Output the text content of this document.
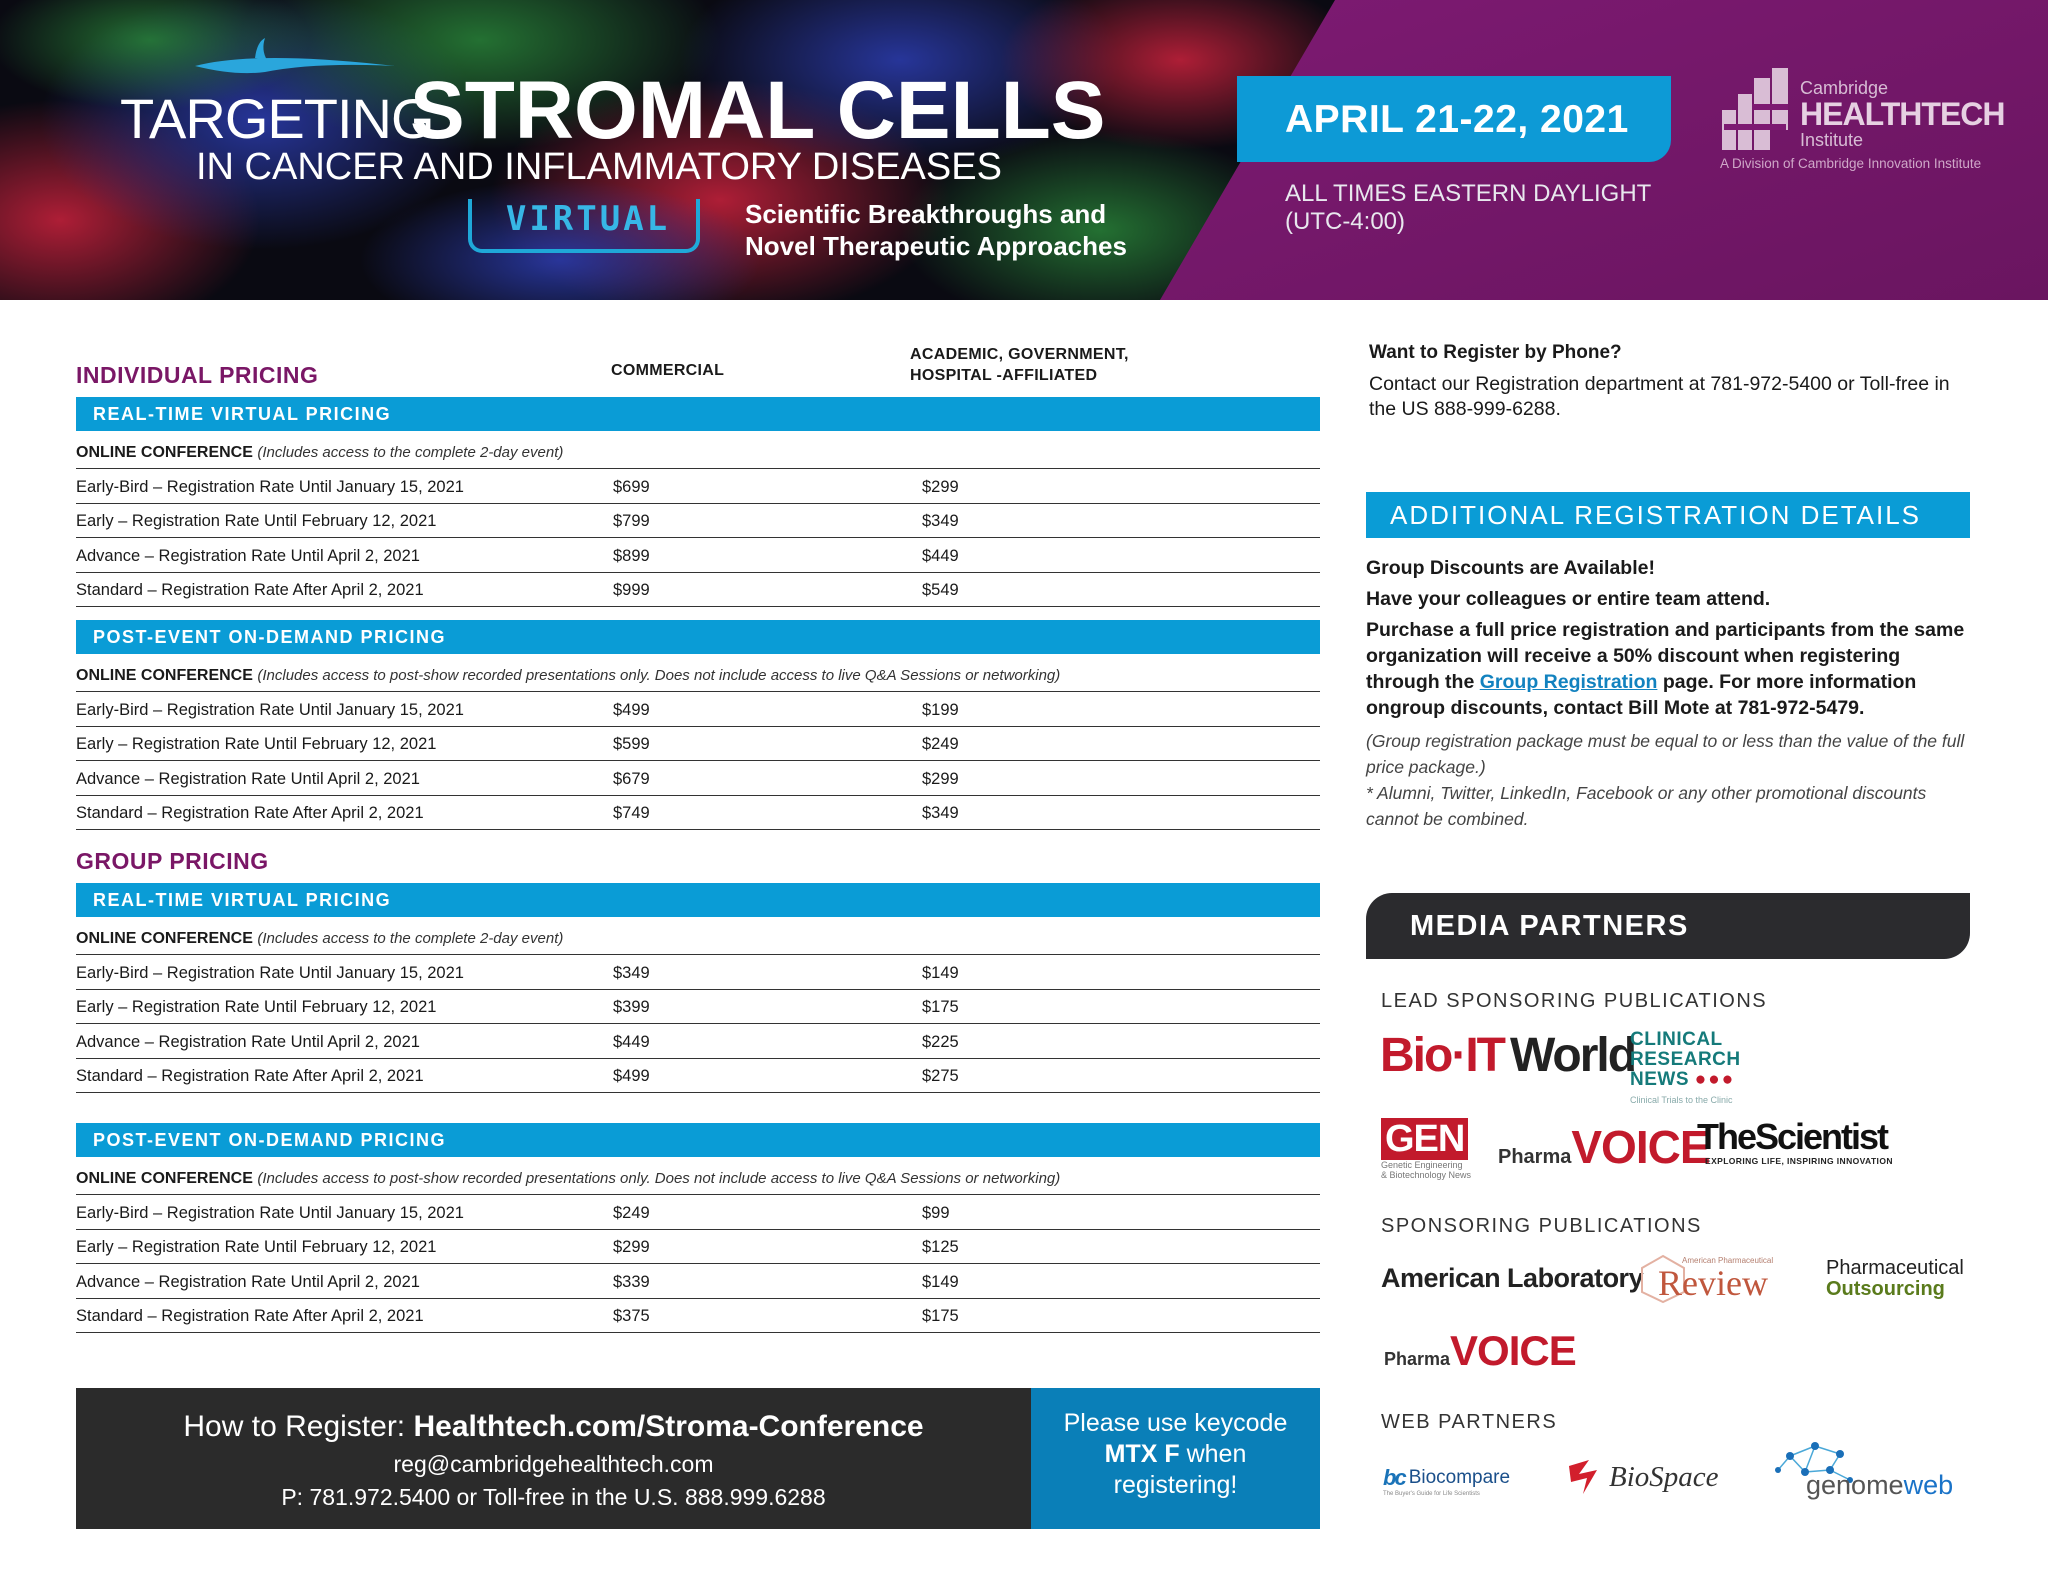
TARGETING
STROMAL CELLS
IN CANCER AND INFLAMMATORY DISEASES
VIRTUAL	Scientific Breakthroughs and
Novel Therapeutic Approaches
APRIL 21-22, 2021
ALL TIMES EASTERN DAYLIGHT
(UTC-4:00)
Cambridge
HEALTHTECH
Institute
A Division of Cambridge Innovation Institute
INDIVIDUAL PRICING	COMMERCIAL
ACADEMIC, GOVERNMENT,
HOSPITAL -AFFILIATED
REAL-TIME VIRTUAL PRICING
ONLINE CONFERENCE (Includes access to the complete 2-day event)
Early-Bird – Registration Rate Until January 15, 2021	$699	$299
Early – Registration Rate Until February 12, 2021	$799	$349
Advance – Registration Rate Until April 2, 2021	$899	$449
Standard – Registration Rate After April 2, 2021	$999	$549
POST-EVENT ON-DEMAND PRICING
ONLINE CONFERENCE (Includes access to post-show recorded presentations only. Does not include access to live Q&A Sessions or networking)
Early-Bird – Registration Rate Until January 15, 2021	$499	$199
Early – Registration Rate Until February 12, 2021	$599	$249
Advance – Registration Rate Until April 2, 2021	$679	$299
Standard – Registration Rate After April 2, 2021	$749	$349
GROUP PRICING
REAL-TIME VIRTUAL PRICING
ONLINE CONFERENCE (Includes access to the complete 2-day event)
Early-Bird – Registration Rate Until January 15, 2021	$349	$149
Early – Registration Rate Until February 12, 2021	$399	$175
Advance – Registration Rate Until April 2, 2021	$449	$225
Standard – Registration Rate After April 2, 2021	$499	$275
POST-EVENT ON-DEMAND PRICING
ONLINE CONFERENCE (Includes access to post-show recorded presentations only. Does not include access to live Q&A Sessions or networking)
Early-Bird – Registration Rate Until January 15, 2021	$249	$99
Early – Registration Rate Until February 12, 2021	$299	$125
Advance – Registration Rate Until April 2, 2021	$339	$149
Standard – Registration Rate After April 2, 2021	$375	$175
How to Register: Healthtech.com/Stroma-Conference
reg@cambridgehealthtech.com
P: 781.972.5400 or Toll-free in the U.S. 888.999.6288
Please use keycode
MTX F when
registering!
Want to Register by Phone?
Contact our Registration department at 781-972-5400 or Toll-free in the US 888-999-6288.
ADDITIONAL REGISTRATION DETAILS
Group Discounts are Available!
Have your colleagues or entire team attend.
Purchase a full price registration and participants from the same organization will receive a 50% discount when registering through the Group Registration page. For more information ongroup discounts, contact Bill Mote at 781-972-5479.
(Group registration package must be equal to or less than the value of the full price package.)
* Alumni, Twitter, LinkedIn, Facebook or any other promotional discounts cannot be combined.
MEDIA PARTNERS
LEAD SPONSORING PUBLICATIONS
Bio·IT World
CLINICAL
RESEARCH
NEWS ●●●
Clinical Trials to the Clinic
GEN
Genetic Engineering
& Biotechnology News
PharmaVOICE
TheScientist
EXPLORING LIFE, INSPIRING INNOVATION
SPONSORING PUBLICATIONS
American Laboratory
American Pharmaceutical
Review	Pharmaceutical
Outsourcing
PharmaVOICE
WEB PARTNERS
bc Biocompare
The Buyer's Guide for Life Scientists
BioSpace	genomeweb
